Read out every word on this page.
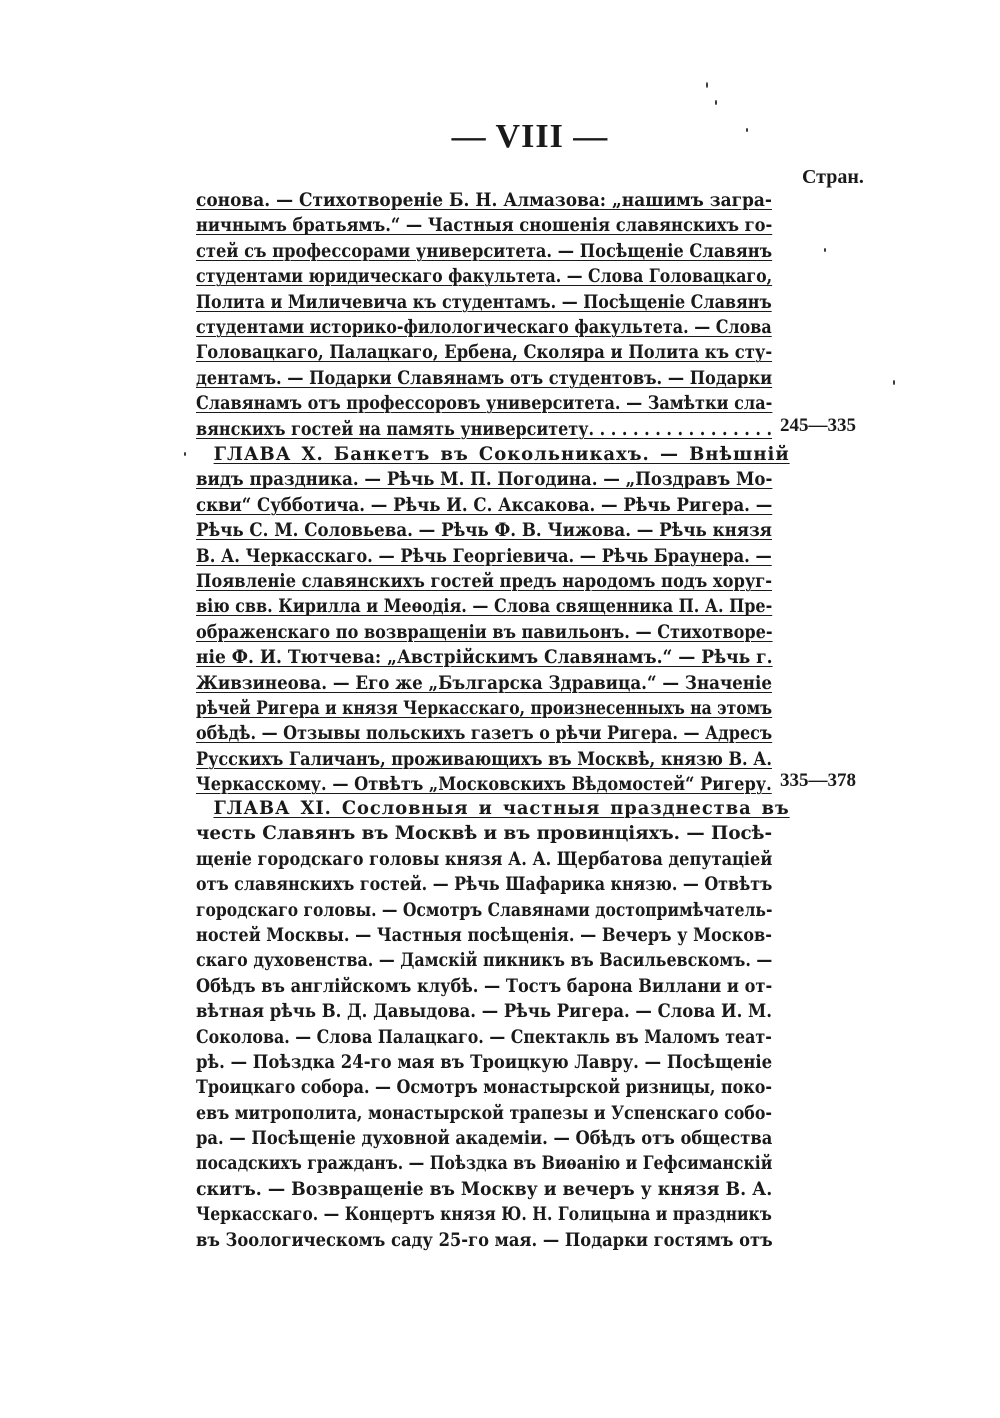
— VIII —
Стран.
сонова. — Стихотвореніе Б. Н. Алмазова: „нашимъ загра-
ничнымъ братьямъ.“ — Частныя сношенія славянскихъ го-
стей съ профессорами университета. — Посѣщеніе Славянъ
студентами юридическаго факультета. — Слова Головацкаго,
Полита и Миличевича къ студентамъ. — Посѣщеніе Славянъ
студентами историко-филологическаго факультета. — Слова
Головацкаго, Палацкаго, Ербена, Сколяра и Полита къ сту-
дентамъ. — Подарки Славянамъ отъ студентовъ. — Подарки
Славянамъ отъ профессоровъ университета. — Замѣтки сла-
вянскихъ гостей на память университету. . . . . . . . . . . . . . . . . 245—335
ГЛАВА Х. Банкетъ въ Сокольникахъ. — Внѣшній
видъ праздника. — Рѣчь М. П. Погодина. — „Поздравъ Мо-
скви“ Субботича. — Рѣчь И. С. Аксакова. — Рѣчь Ригера. —
Рѣчь С. М. Соловьева. — Рѣчь Ф. В. Чижова. — Рѣчь князя
В. А. Черкасскаго. — Рѣчь Георгіевича. — Рѣчь Браунера. —
Появленіе славянскихъ гостей предъ народомъ подъ хоруг-
вію свв. Кирилла и Меѳодія. — Слова священника П. А. Пре-
ображенскаго по возвращеніи въ павильонъ. — Стихотворе-
ніе Ф. И. Тютчева: „Австрійскимъ Славянамъ.“ — Рѣчь г.
Живзинеова. — Его же „Българска Здравица.“ — Значеніе
рѣчей Ригера и князя Черкасскаго, произнесенныхъ на этомъ
обѣдѣ. — Отзывы польскихъ газетъ о рѣчи Ригера. — Адресъ
Русскихъ Галичанъ, проживающихъ въ Москвѣ, князю В. А.
Черкасскому. — Отвѣтъ „Московскихъ Вѣдомостей“ Ригеру. 335—378
ГЛАВА XI. Сословныя и частныя празднества въ
честь Славянъ въ Москвѣ и въ провинціяхъ. — Посѣ-
щеніе городскаго головы князя А. А. Щербатова депутаціей
отъ славянскихъ гостей. — Рѣчь Шафарика князю. — Отвѣтъ
городскаго головы. — Осмотръ Славянами достопримѣчатель-
ностей Москвы. — Частныя посѣщенія. — Вечеръ у Москов-
скаго духовенства. — Дамскій пикникъ въ Васильевскомъ. —
Обѣдъ въ англійскомъ клубѣ. — Тостъ барона Виллани и от-
вѣтная рѣчь В. Д. Давыдова. — Рѣчь Ригера. — Слова И. М.
Соколова. — Слова Палацкаго. — Спектакль въ Маломъ теат-
рѣ. — Поѣздка 24-го мая въ Троицкую Лавру. — Посѣщеніе
Троицкаго собора. — Осмотръ монастырской ризницы, поко-
евъ митрополита, монастырской трапезы и Успенскаго собо-
ра. — Посѣщеніе духовной академіи. — Обѣдъ отъ общества
посадскихъ гражданъ. — Поѣздка въ Виѳанію и Гефсиманскій
скитъ. — Возвращеніе въ Москву и вечеръ у князя В. А.
Черкасскаго. — Концертъ князя Ю. Н. Голицына и праздникъ
въ Зоологическомъ саду 25-го мая. — Подарки гостямъ отъ
